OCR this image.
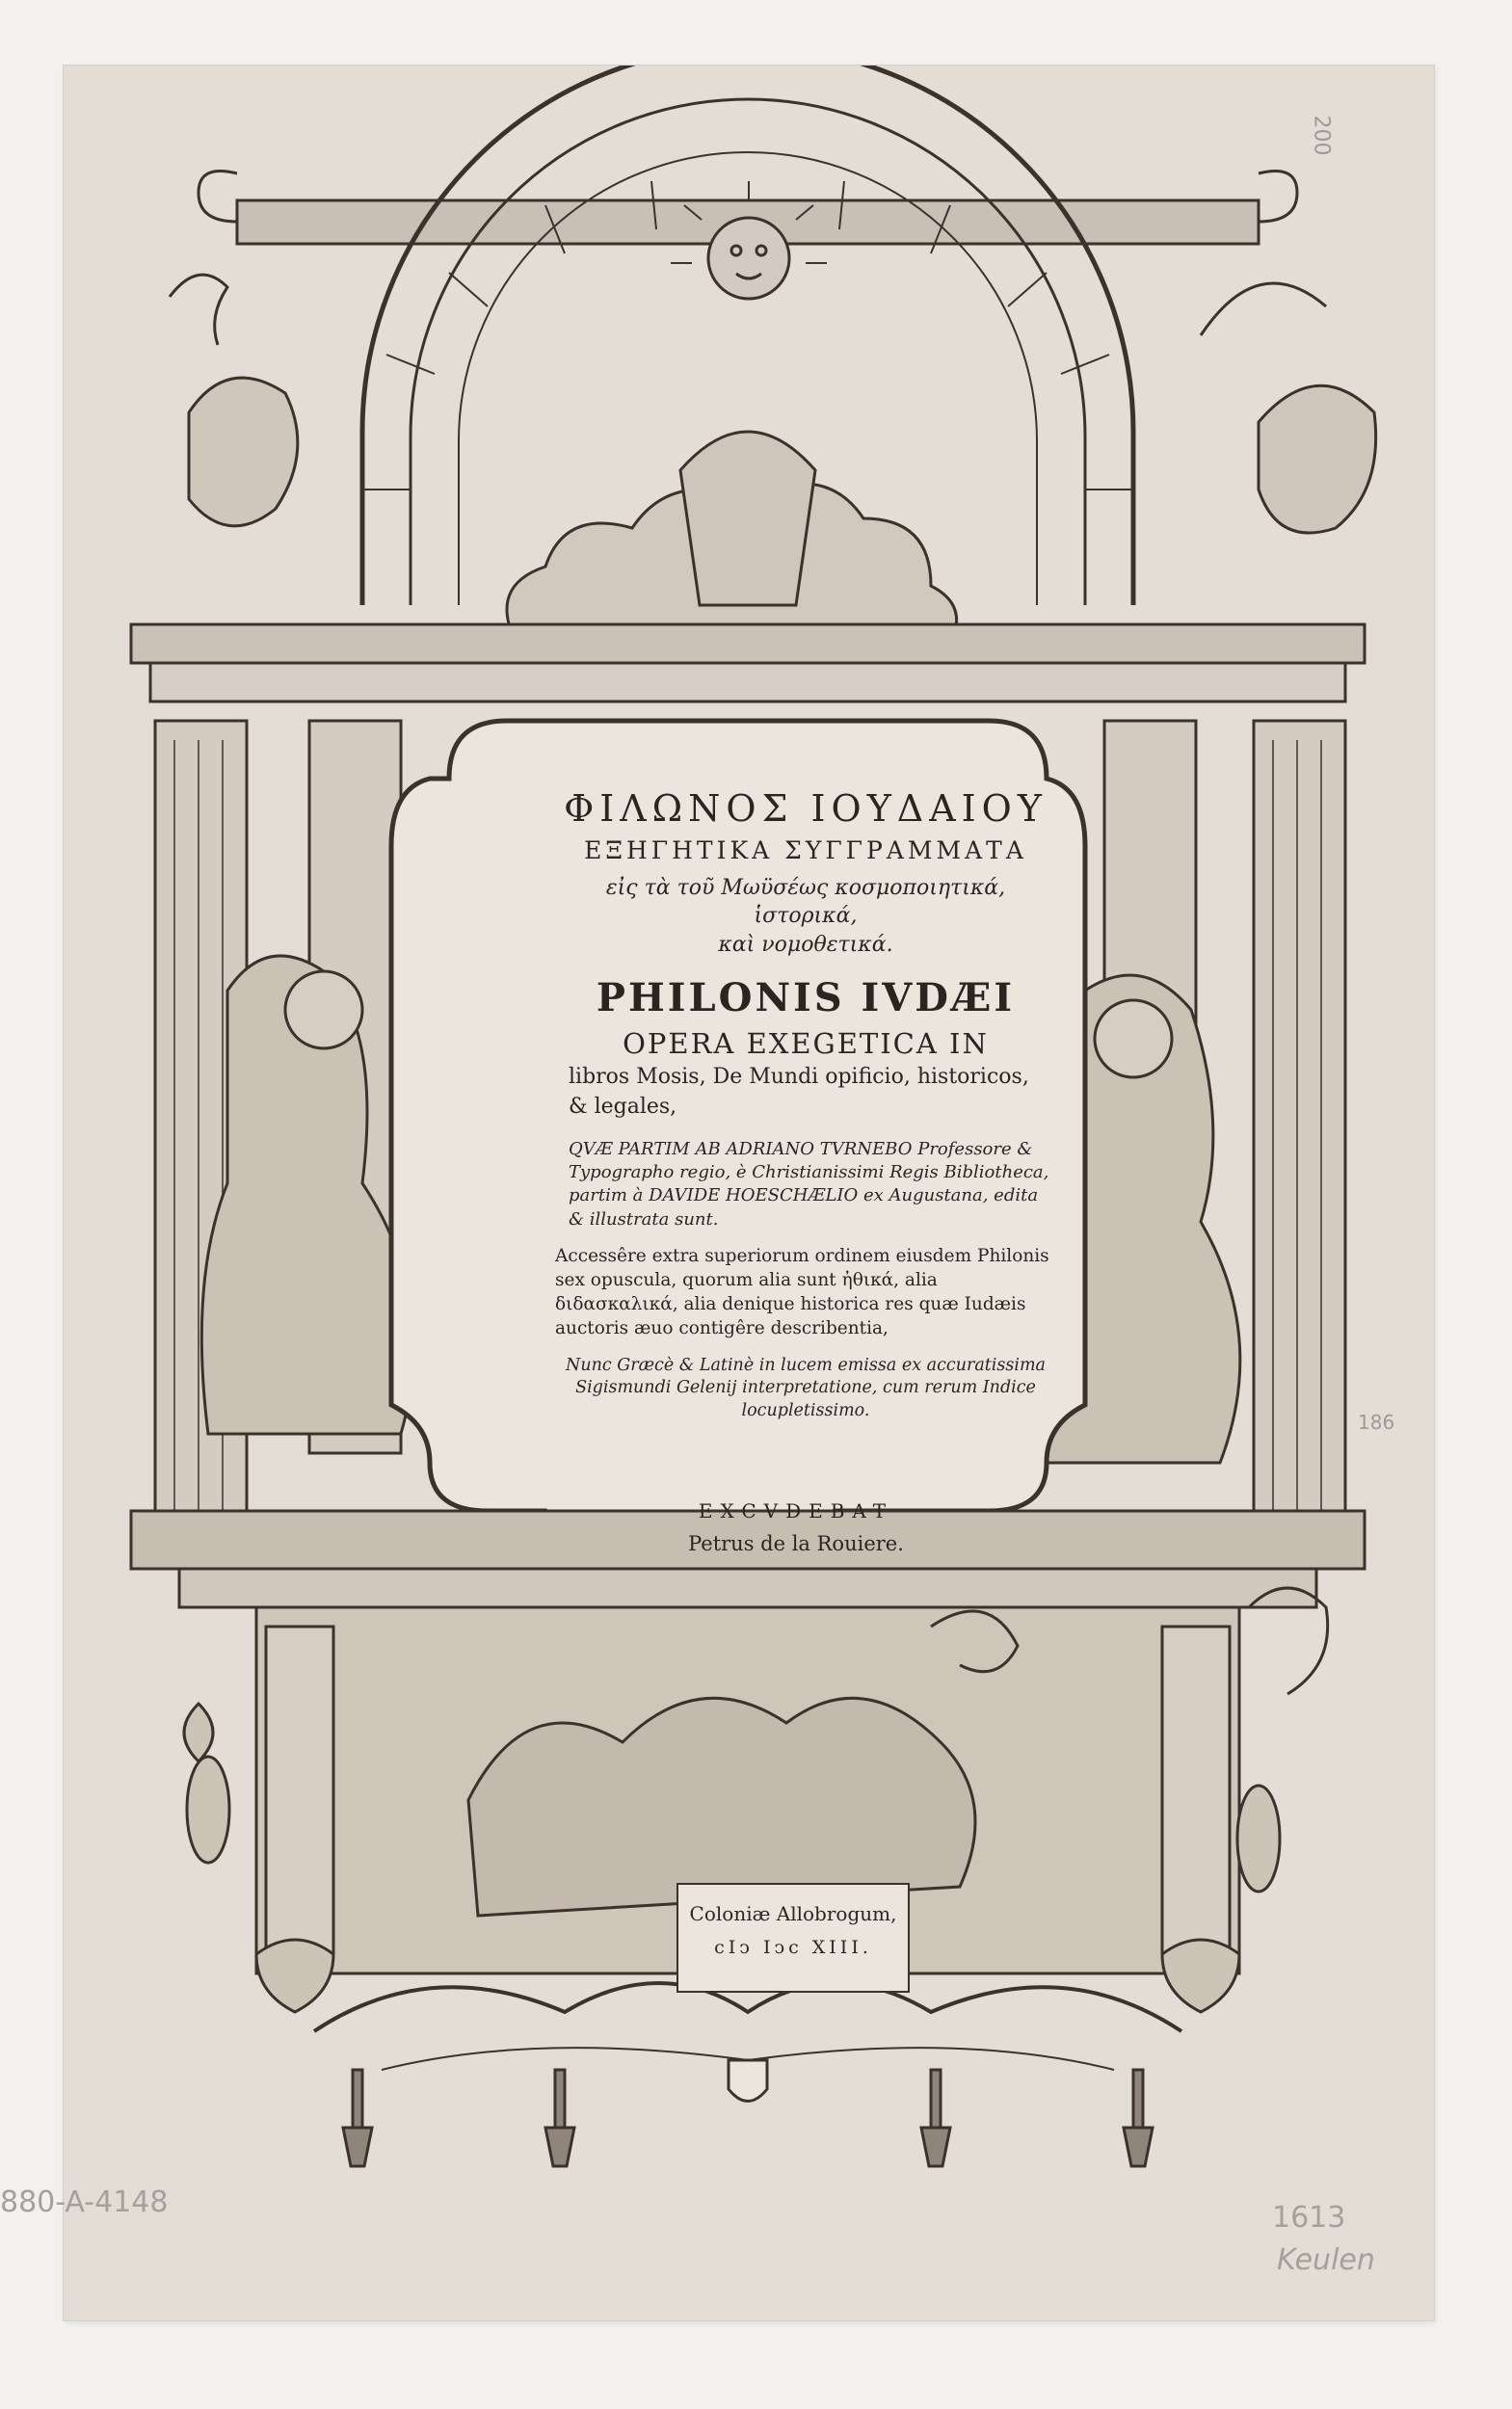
ΦΙΛΩΝΟΣ ΙΟΥΔΑΙΟΥ

ΕΞΗΓΗΤΙΚΑ ΣΥΓΓΡΑΜΜΑΤΑ

εἰς τὰ τοῦ Μωϋσέως κοσμοποιητικά, ἱστορικά,

καὶ νομοθετικά.

PHILONIS IVDÆI

OPERA EXEGETICA IN

libros Mosis, De Mundi opificio, historicos,

& legales,

QVÆ PARTIM AB ADRIANO TVRNEBO Professore & Typographo regio, è Christianissimi Regis Bibliotheca, partim à DAVIDE HOESCHÆLIO ex Augustana, edita & illustrata sunt.

Accessêre extra superiorum ordinem eiusdem Philonis sex opuscula, quorum alia sunt ἠθικά, alia διδασκαλικά, alia denique historica res quæ Iudæis auctoris æuo contigêre describentia,

Nunc Græcè & Latinè in lucem emissa ex accuratissima Sigismundi Gelenij interpretatione, cum rerum Indice locupletissimo.

EXCVDEBAT

Petrus de la Rouiere.

Coloniæ Allobrogum,

cIↄ Iↄc XIII.

200
186
880-A-4148	1613
Keulen
